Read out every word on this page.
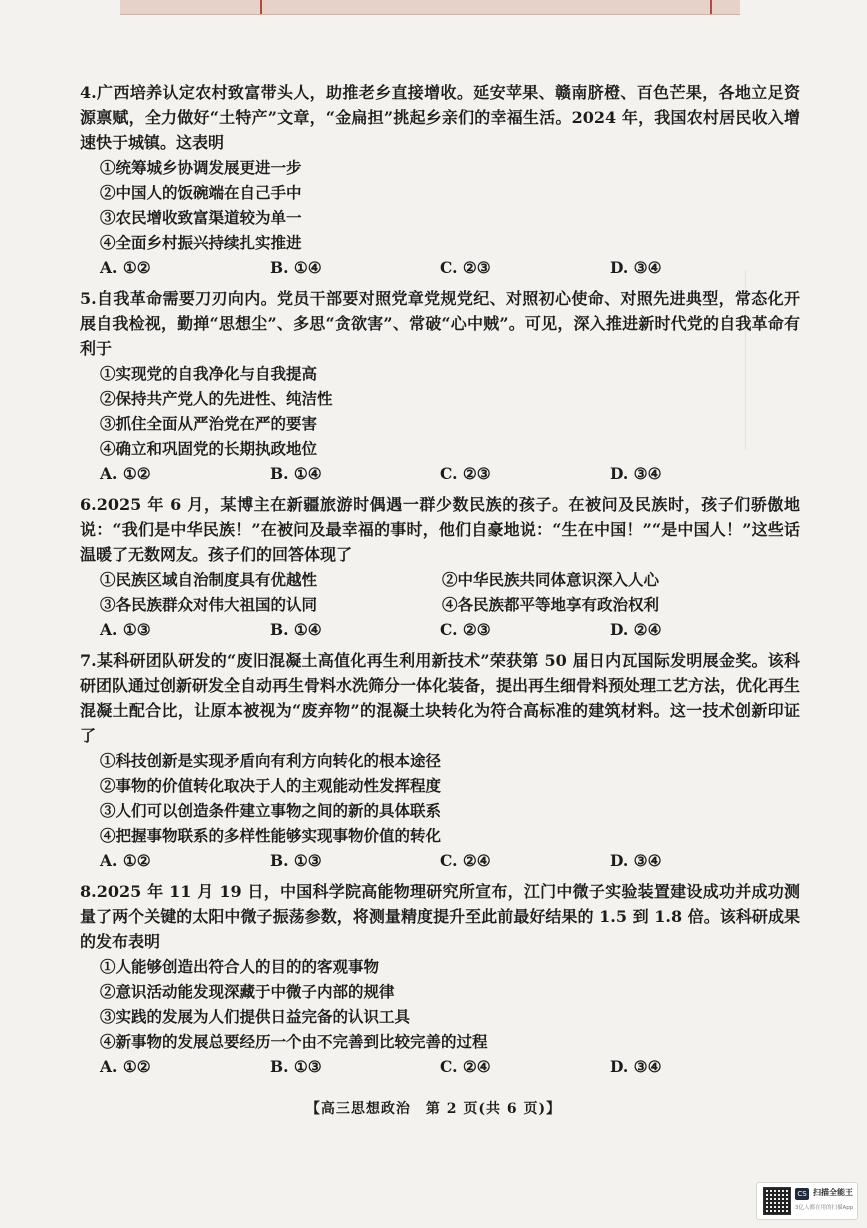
4.广西培养认定农村致富带头人，助推老乡直接增收。延安苹果、赣南脐橙、百色芒果，各地立足资源禀赋，全力做好“土特产”文章，“金扁担”挑起乡亲们的幸福生活。2024 年，我国农村居民收入增速快于城镇。这表明

①统筹城乡协调发展更进一步

②中国人的饭碗端在自己手中

③农民增收致富渠道较为单一

④全面乡村振兴持续扎实推进

A. ①②	B. ①④	C. ②③	D. ③④

5.自我革命需要刀刃向内。党员干部要对照党章党规党纪、对照初心使命、对照先进典型，常态化开展自我检视，勤掸“思想尘”、多思“贪欲害”、常破“心中贼”。可见，深入推进新时代党的自我革命有利于

①实现党的自我净化与自我提高

②保持共产党人的先进性、纯洁性

③抓住全面从严治党在严的要害

④确立和巩固党的长期执政地位

A. ①②	B. ①④	C. ②③	D. ③④

6.2025 年 6 月，某博主在新疆旅游时偶遇一群少数民族的孩子。在被问及民族时，孩子们骄傲地说：“我们是中华民族！”在被问及最幸福的事时，他们自豪地说：“生在中国！”“是中国人！”这些话温暖了无数网友。孩子们的回答体现了

①民族区域自治制度具有优越性	②中华民族共同体意识深入人心

③各民族群众对伟大祖国的认同	④各民族都平等地享有政治权利

A. ①③	B. ①④	C. ②③	D. ②④

7.某科研团队研发的“废旧混凝土高值化再生利用新技术”荣获第 50 届日内瓦国际发明展金奖。该科研团队通过创新研发全自动再生骨料水洗筛分一体化装备，提出再生细骨料预处理工艺方法，优化再生混凝土配合比，让原本被视为“废弃物”的混凝土块转化为符合高标准的建筑材料。这一技术创新印证了

①科技创新是实现矛盾向有利方向转化的根本途径

②事物的价值转化取决于人的主观能动性发挥程度

③人们可以创造条件建立事物之间的新的具体联系

④把握事物联系的多样性能够实现事物价值的转化

A. ①②	B. ①③	C. ②④	D. ③④

8.2025 年 11 月 19 日，中国科学院高能物理研究所宣布，江门中微子实验装置建设成功并成功测量了两个关键的太阳中微子振荡参数，将测量精度提升至此前最好结果的 1.5 到 1.8 倍。该科研成果的发布表明

①人能够创造出符合人的目的的客观事物

②意识活动能发现深藏于中微子内部的规律

③实践的发展为人们提供日益完备的认识工具

④新事物的发展总要经历一个由不完善到比较完善的过程

A. ①②	B. ①③	C. ②④	D. ③④
【高三思想政治　第 2 页(共 6 页)】
CS 扫描全能王
3亿人都在用的扫描App
